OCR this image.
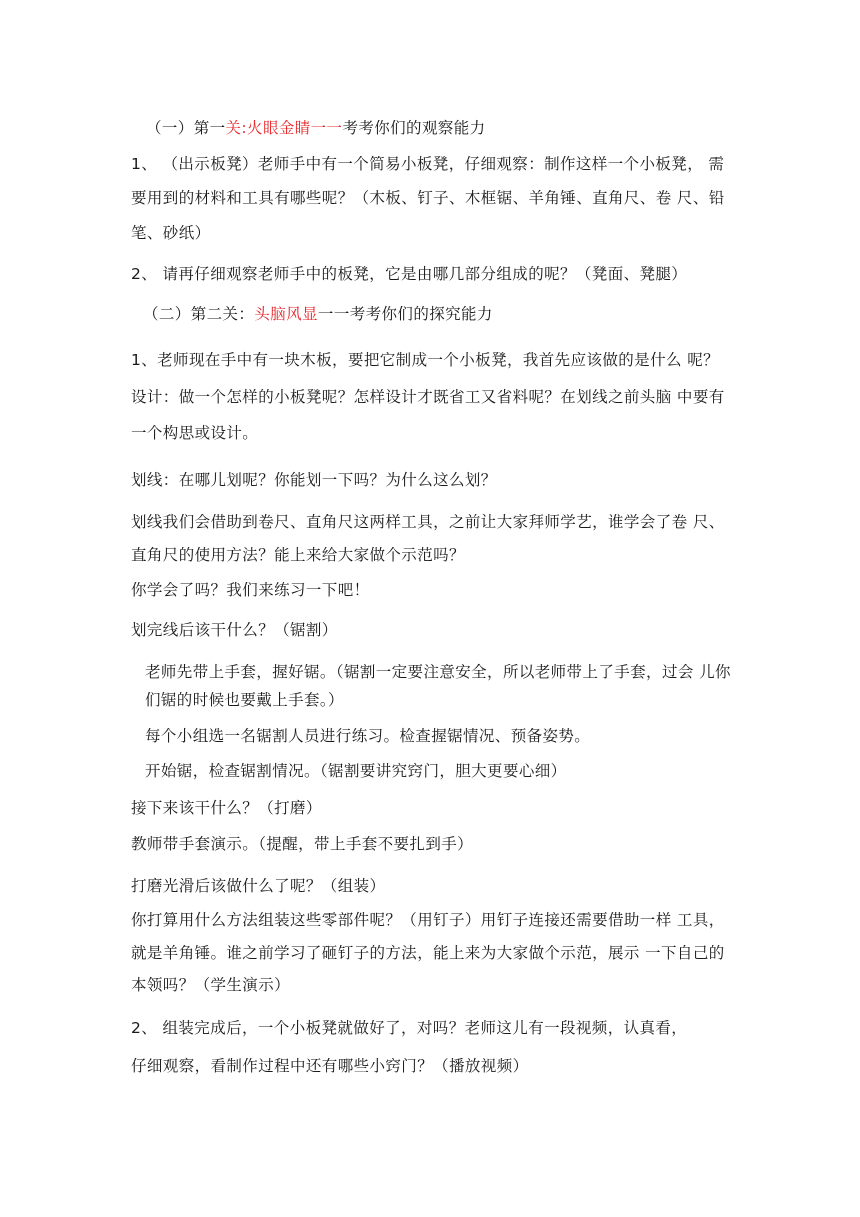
（一）第一关:火眼金睛一一考考你们的观察能力
1、 （出示板凳）老师手中有一个简易小板凳，仔细观察：制作这样一个小板凳， 需
要用到的材料和工具有哪些呢？（木板、钉子、木框锯、羊角锤、直角尺、卷 尺、铅
笔、砂纸）
2、 请再仔细观察老师手中的板凳，它是由哪几部分组成的呢？（凳面、凳腿）
（二）第二关：头脑风显一一考考你们的探究能力
1、老师现在手中有一块木板，要把它制成一个小板凳，我首先应该做的是什么 呢？
设计：做一个怎样的小板凳呢？怎样设计才既省工又省料呢？在划线之前头脑 中要有
一个构思或设计。
划线：在哪儿划呢？你能划一下吗？为什么这么划？
划线我们会借助到卷尺、直角尺这两样工具，之前让大家拜师学艺，谁学会了卷 尺、
直角尺的使用方法？能上来给大家做个示范吗？
你学会了吗？我们来练习一下吧！
划完线后该干什么？（锯割）
老师先带上手套，握好锯。（锯割一定要注意安全，所以老师带上了手套，过会 儿你
们锯的时候也要戴上手套。）
每个小组选一名锯割人员进行练习。检查握锯情况、预备姿势。
开始锯，检查锯割情况。（锯割要讲究窍门，胆大更要心细）
接下来该干什么？（打磨）
教师带手套演示。（提醒，带上手套不要扎到手）
打磨光滑后该做什么了呢？（组装）
你打算用什么方法组装这些零部件呢？（用钉子）用钉子连接还需要借助一样 工具，
就是羊角锤。谁之前学习了砸钉子的方法，能上来为大家做个示范，展示 一下自己的
本领吗？（学生演示）
2、 组装完成后，一个小板凳就做好了，对吗？老师这儿有一段视频，认真看，
仔细观察，看制作过程中还有哪些小窍门？（播放视频）
